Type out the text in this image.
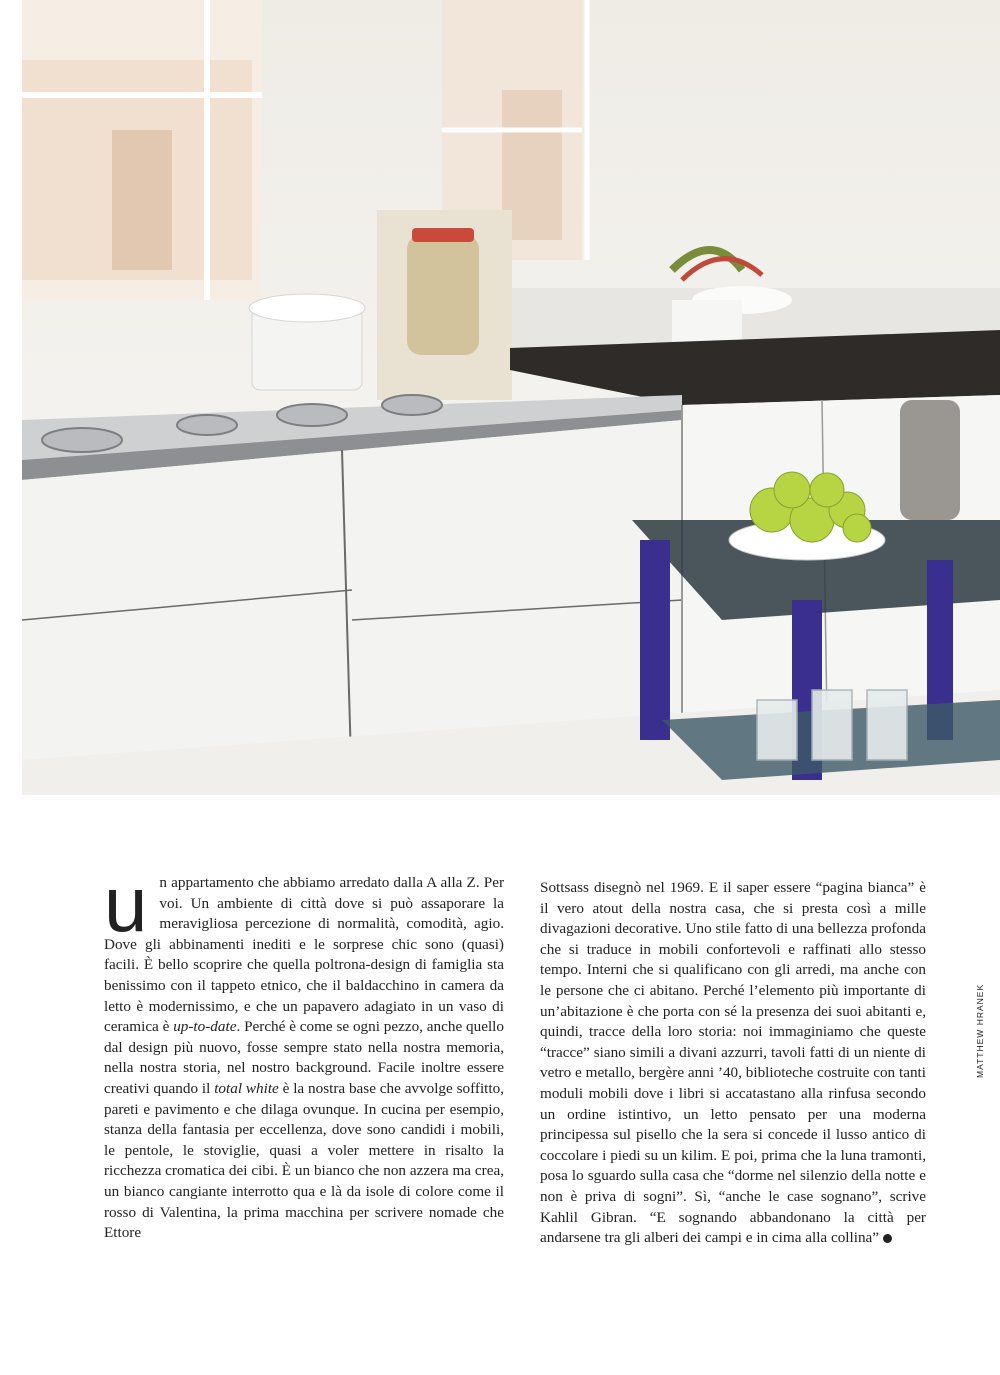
un appartamento che abbiamo arredato dalla A alla Z. Per voi. Un ambiente di città dove si può assaporare la meravigliosa percezione di normalità, comodità, agio. Dove gli abbinamenti inediti e le sorprese chic sono (quasi) facili. È bello scoprire che quella poltrona-design di famiglia sta benissimo con il tappeto etnico, che il baldacchino in camera da letto è modernissimo, e che un papavero adagiato in un vaso di ceramica è up-to-date. Perché è come se ogni pezzo, anche quello dal design più nuovo, fosse sempre stato nella nostra memoria, nella nostra storia, nel nostro background. Facile inoltre essere creativi quando il total white è la nostra base che avvolge soffitto, pareti e pavimento e che dilaga ovunque. In cucina per esempio, stanza della fantasia per eccellenza, dove sono candidi i mobili, le pentole, le stoviglie, quasi a voler mettere in risalto la ricchezza cromatica dei cibi. È un bianco che non azzera ma crea, un bianco cangiante interrotto qua e là da isole di colore come il rosso di Valentina, la prima macchina per scrivere nomade che Ettore

Sottsass disegnò nel 1969. E il saper essere “pagina bianca” è il vero atout della nostra casa, che si presta così a mille divagazioni decorative. Uno stile fatto di una bellezza profonda che si traduce in mobili confortevoli e raffinati allo stesso tempo. Interni che si qualificano con gli arredi, ma anche con le persone che ci abitano. Perché l’elemento più importante di un’abitazione è che porta con sé la presenza dei suoi abitanti e, quindi, tracce della loro storia: noi immaginiamo che queste “tracce” siano simili a divani azzurri, tavoli fatti di un niente di vetro e metallo, bergère anni ’40, biblioteche costruite con tanti moduli mobili dove i libri si accatastano alla rinfusa secondo un ordine istintivo, un letto pensato per una moderna principessa sul pisello che la sera si concede il lusso antico di coccolare i piedi su un kilim. E poi, prima che la luna tramonti, posa lo sguardo sulla casa che “dorme nel silenzio della notte e non è priva di sogni”. Sì, “anche le case sognano”, scrive Kahlil Gibran. “E sognando abbandonano la città per andarsene tra gli alberi dei campi e in cima alla collina”

MATTHEW HRANEK
